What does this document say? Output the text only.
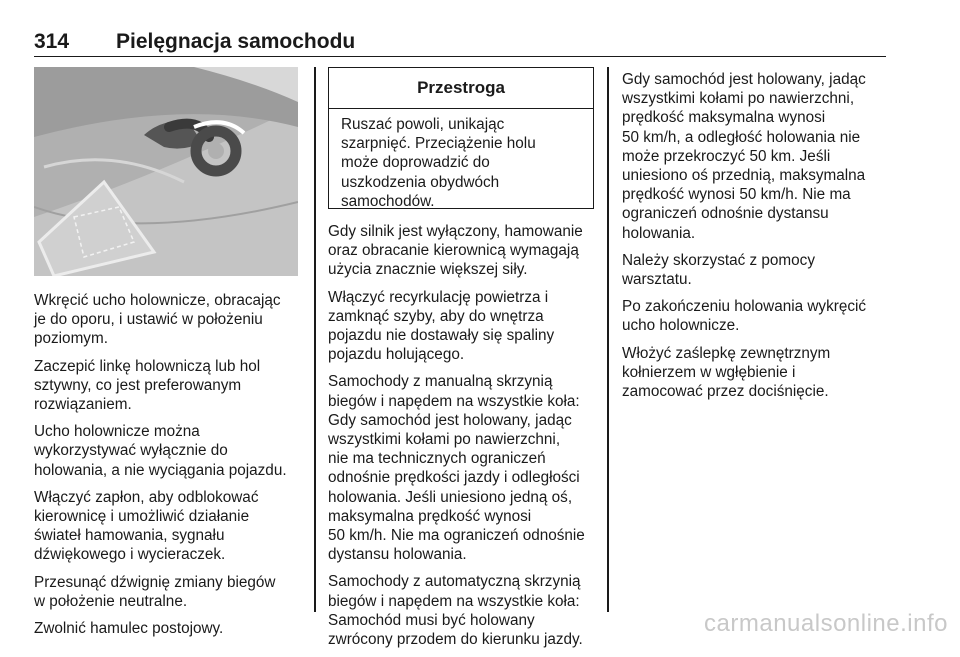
314 Pielęgnacja samochodu
Przestroga
Ruszać powoli, unikając
szarpnięć. Przeciążenie holu
może doprowadzić do
uszkodzenia obydwóch
samochodów.

Wkręcić ucho holownicze, obracając
je do oporu, i ustawić w położeniu
poziomym.

Zaczepić linkę holowniczą lub hol
sztywny, co jest preferowanym
rozwiązaniem.

Ucho holownicze można
wykorzystywać wyłącznie do
holowania, a nie wyciągania pojazdu.

Włączyć zapłon, aby odblokować
kierownicę i umożliwić działanie
świateł hamowania, sygnału
dźwiękowego i wycieraczek.

Przesunąć dźwignię zmiany biegów
w położenie neutralne.

Zwolnić hamulec postojowy.

Gdy silnik jest wyłączony, hamowanie
oraz obracanie kierownicą wymagają
użycia znacznie większej siły.

Włączyć recyrkulację powietrza i
zamknąć szyby, aby do wnętrza
pojazdu nie dostawały się spaliny
pojazdu holującego.

Samochody z manualną skrzynią
biegów i napędem na wszystkie koła:
Gdy samochód jest holowany, jadąc
wszystkimi kołami po nawierzchni,
nie ma technicznych ograniczeń
odnośnie prędkości jazdy i odległości
holowania. Jeśli uniesiono jedną oś,
maksymalna prędkość wynosi
50 km/h. Nie ma ograniczeń odnośnie
dystansu holowania.

Samochody z automatyczną skrzynią
biegów i napędem na wszystkie koła:
Samochód musi być holowany
zwrócony przodem do kierunku jazdy.

Gdy samochód jest holowany, jadąc
wszystkimi kołami po nawierzchni,
prędkość maksymalna wynosi
50 km/h, a odległość holowania nie
może przekroczyć 50 km. Jeśli
uniesiono oś przednią, maksymalna
prędkość wynosi 50 km/h. Nie ma
ograniczeń odnośnie dystansu
holowania.

Należy skorzystać z pomocy
warsztatu.

Po zakończeniu holowania wykręcić
ucho holownicze.

Włożyć zaślepkę zewnętrznym
kołnierzem w wgłębienie i
zamocować przez dociśnięcie.

carmanualsonline.info
